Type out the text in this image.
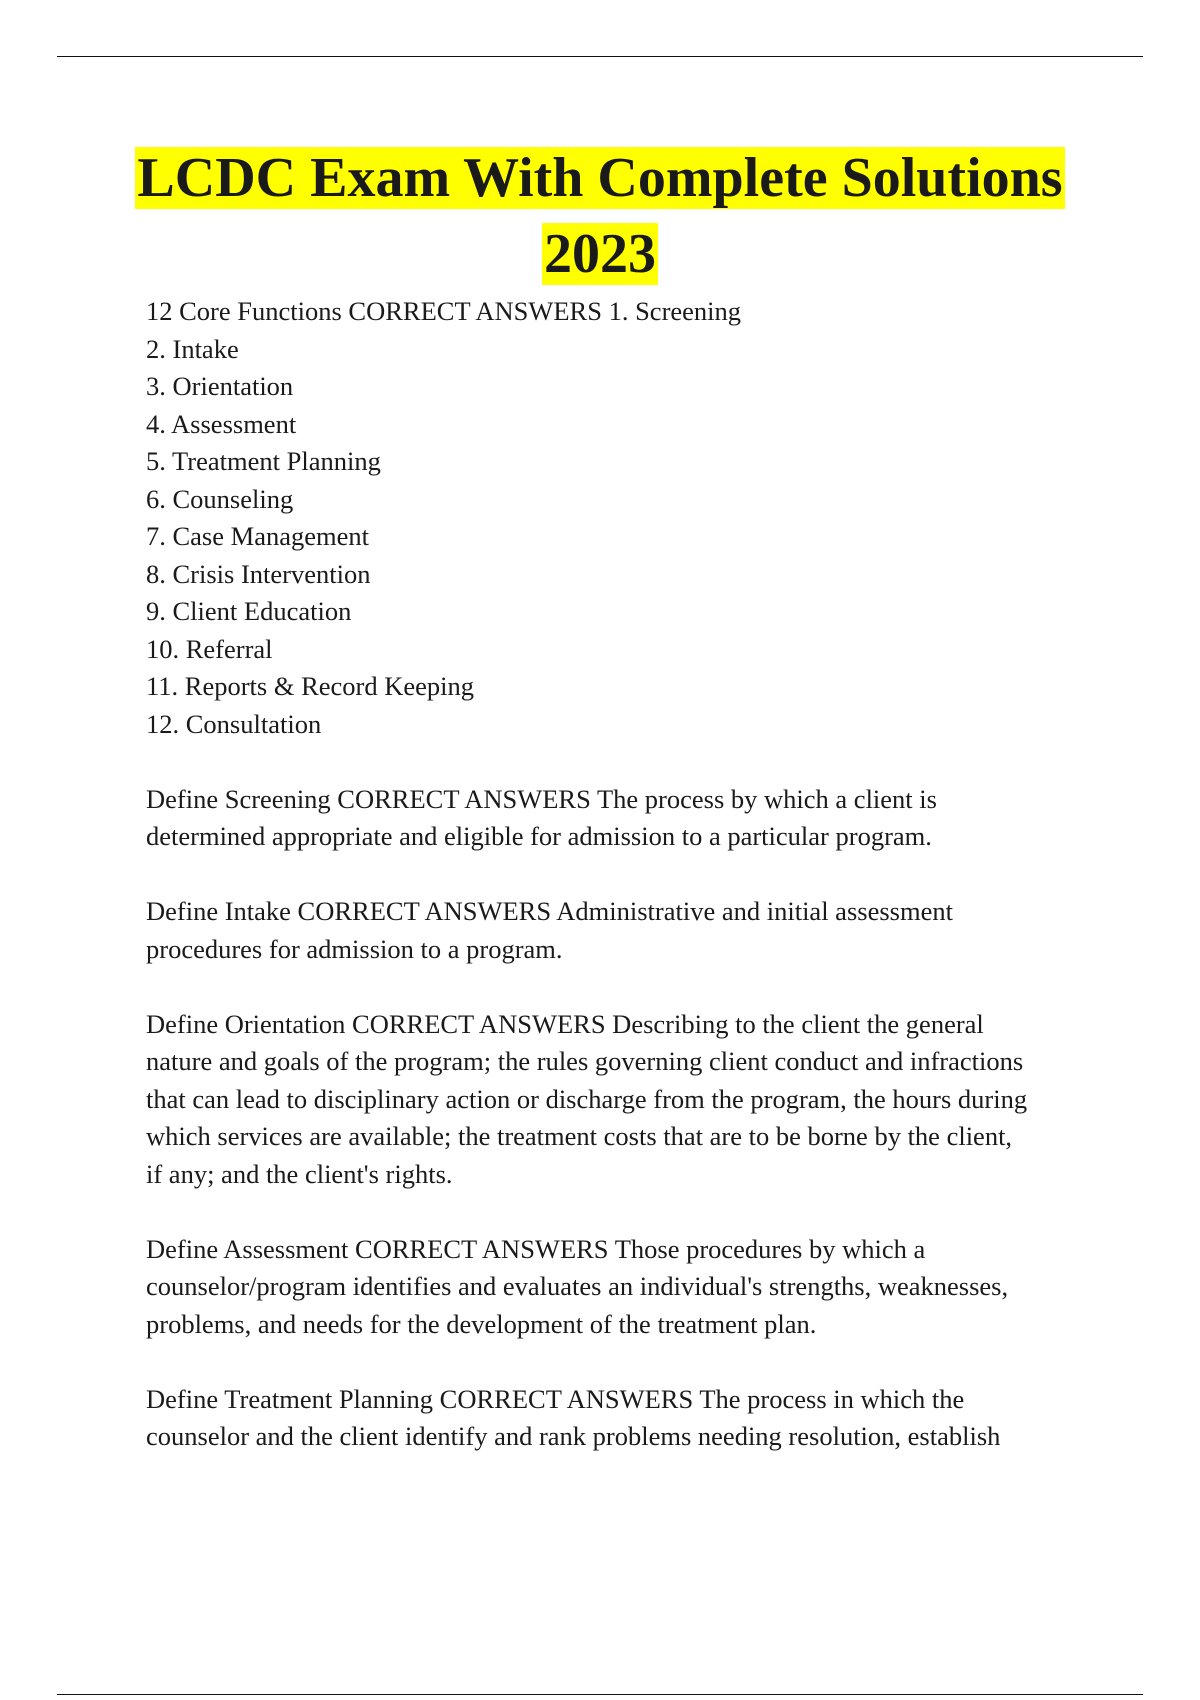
LCDC Exam With Complete Solutions
2023
12 Core Functions CORRECT ANSWERS 1. Screening
2. Intake
3. Orientation
4. Assessment
5. Treatment Planning
6. Counseling
7. Case Management
8. Crisis Intervention
9. Client Education
10. Referral
11. Reports & Record Keeping
12. Consultation
Define Screening CORRECT ANSWERS The process by which a client is
determined appropriate and eligible for admission to a particular program.
Define Intake CORRECT ANSWERS Administrative and initial assessment
procedures for admission to a program.
Define Orientation CORRECT ANSWERS Describing to the client the general
nature and goals of the program; the rules governing client conduct and infractions
that can lead to disciplinary action or discharge from the program, the hours during
which services are available; the treatment costs that are to be borne by the client,
if any; and the client's rights.
Define Assessment CORRECT ANSWERS Those procedures by which a
counselor/program identifies and evaluates an individual's strengths, weaknesses,
problems, and needs for the development of the treatment plan.
Define Treatment Planning CORRECT ANSWERS The process in which the
counselor and the client identify and rank problems needing resolution, establish
